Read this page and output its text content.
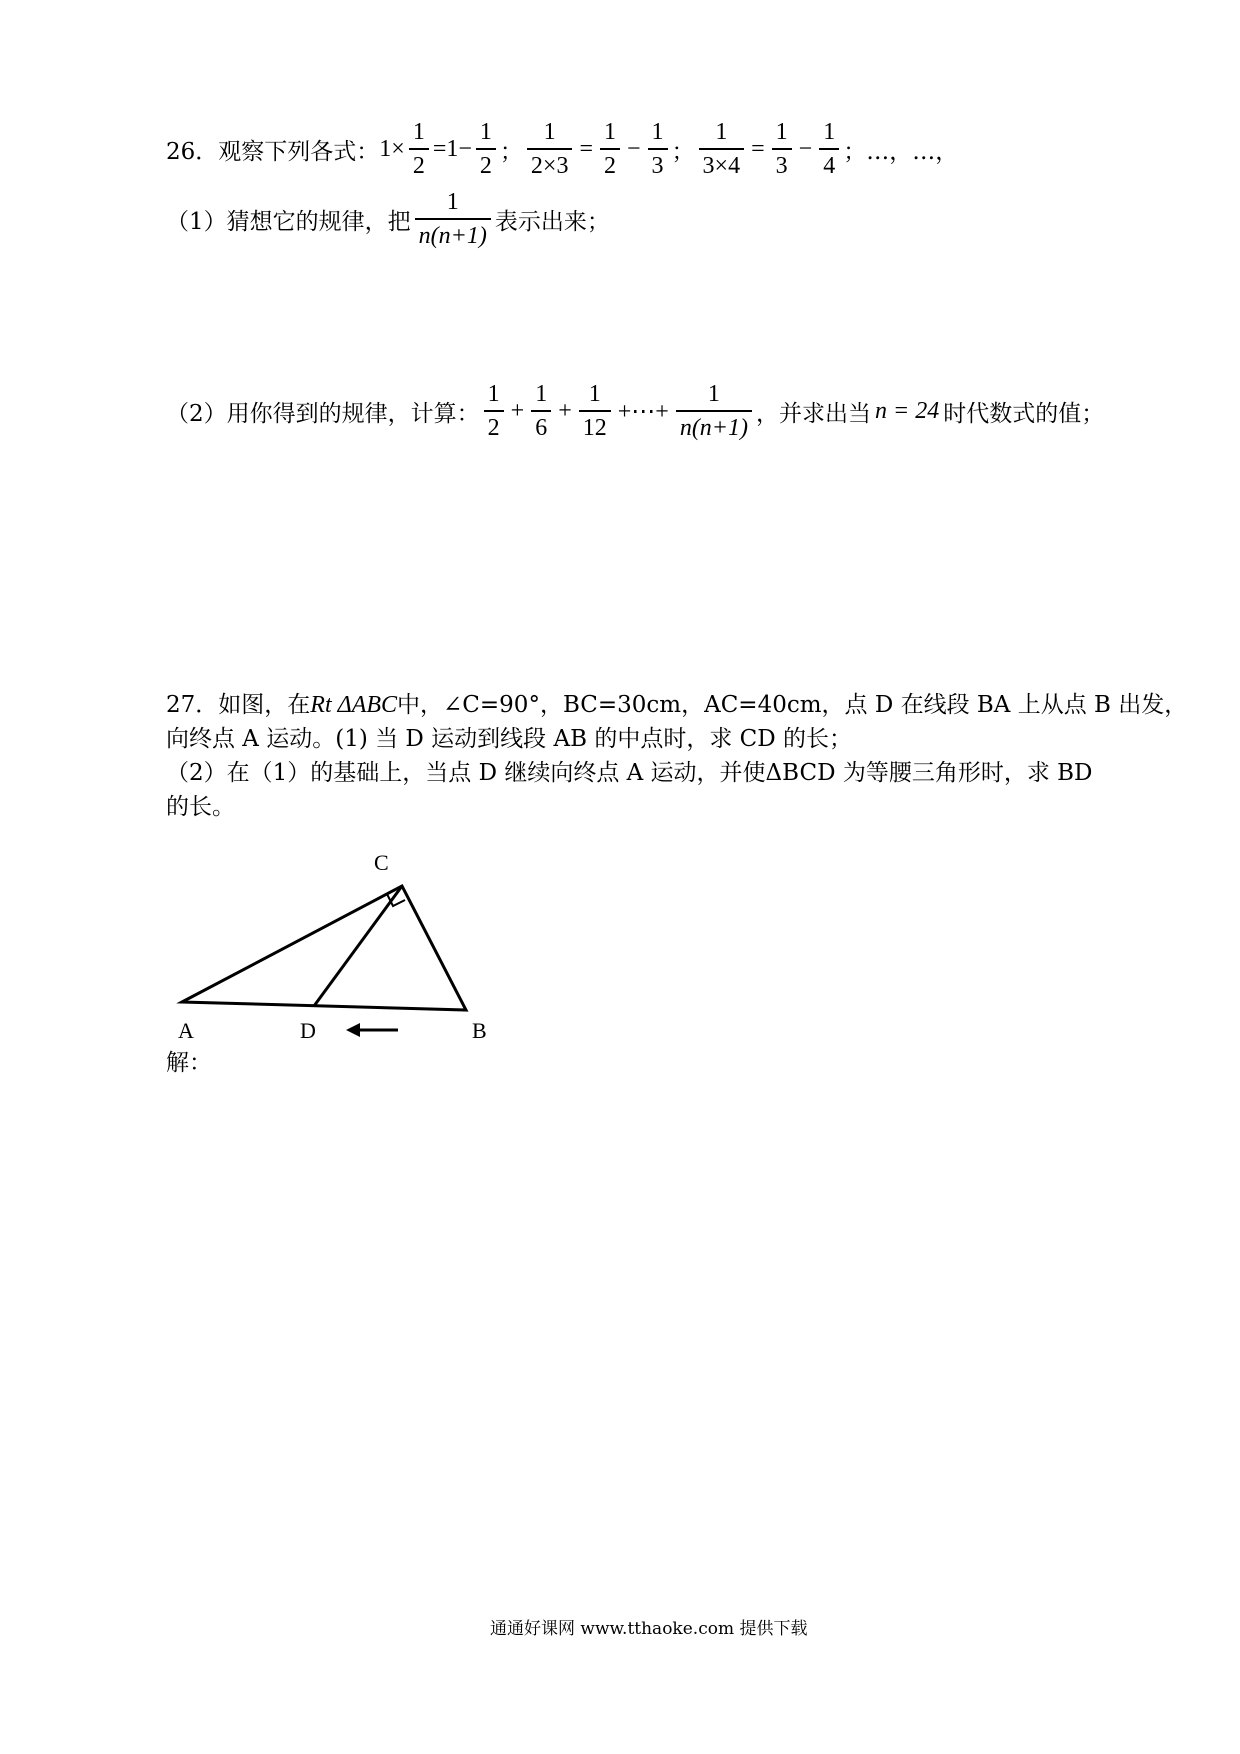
26．观察下列各式： $1\times \frac{1}{2} =1- \frac{1}{2}$ ； $\frac{1}{2\times 3} = \frac{1}{2} - \frac{1}{3}$ ； $\frac{1}{3\times 4} = \frac{1}{3} - \frac{1}{4}$ ；…，…，
（1）猜想它的规律，把 $\frac{1}{n(n+1)}$ 表示出来；
（2）用你得到的规律，计算： $\frac{1}{2} + \frac{1}{6} + \frac{1}{12}$ +⋯+ $\frac{1}{n(n+1)}$ ，并求出当 n = 24 时代数式的值；
27．如图，在Rt ΔABC中，∠C=90°，BC=30cm，AC=40cm，点 D 在线段 BA 上从点 B 出发，
向终点 A 运动。(1) 当 D 运动到线段 AB 的中点时，求 CD 的长；
（2）在（1）的基础上，当点 D 继续向终点 A 运动，并使ΔBCD 为等腰三角形时，求 BD
的长。
C
A	D	B
解：
通通好课网 www.tthaoke.com 提供下载
